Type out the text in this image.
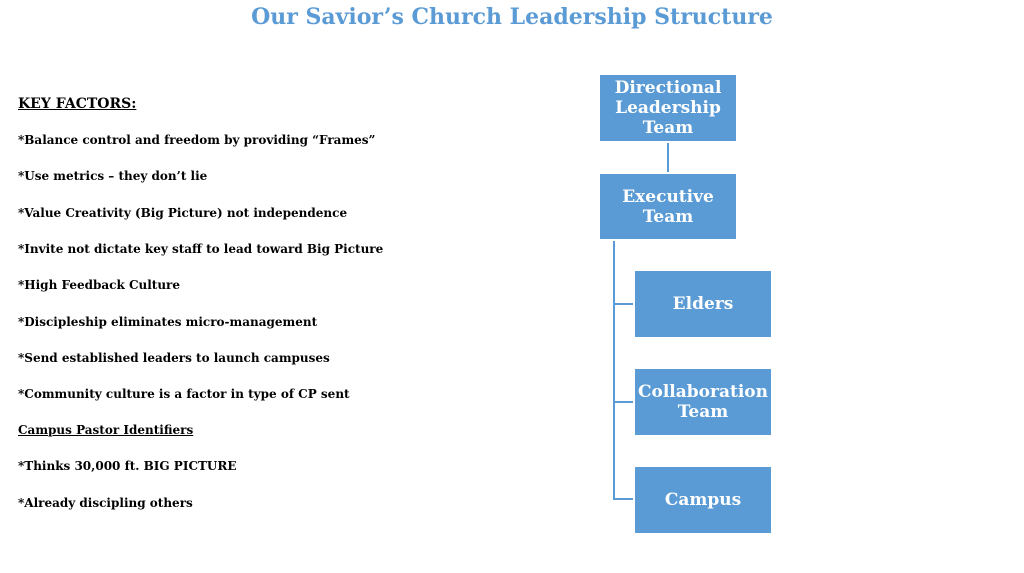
Our Savior’s Church Leadership Structure
KEY FACTORS:
*Balance control and freedom by providing “Frames”
*Use metrics – they don’t lie
*Value Creativity (Big Picture) not independence
*Invite not dictate key staff to lead toward Big Picture
*High Feedback Culture
*Discipleship eliminates micro-management
*Send established leaders to launch campuses
*Community culture is a factor in type of CP sent
Campus Pastor Identifiers
*Thinks 30,000 ft. BIG PICTURE
*Already discipling others
Directional Leadership Team
Executive Team
Elders
Collaboration Team
Campus
